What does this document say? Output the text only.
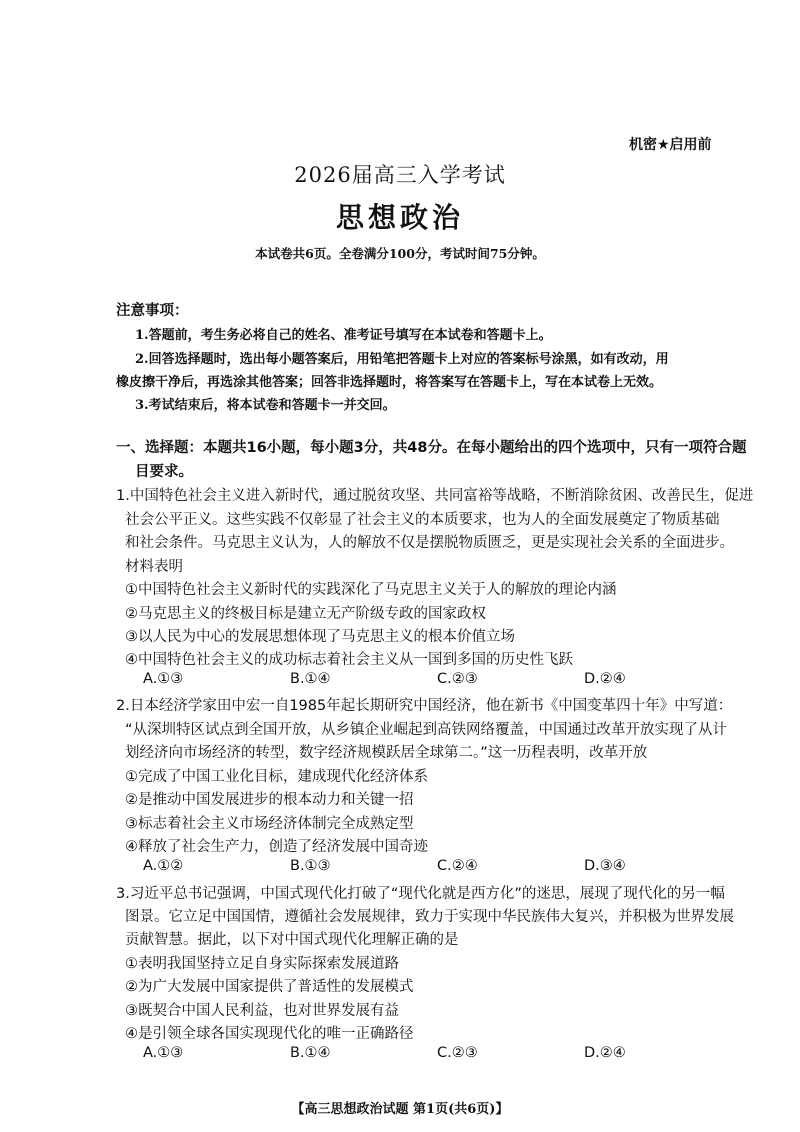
机密★启用前
2026届高三入学考试
思想政治
本试卷共6页。全卷满分100分，考试时间75分钟。
注意事项：
1.答题前，考生务必将自己的姓名、准考证号填写在本试卷和答题卡上。
2.回答选择题时，选出每小题答案后，用铅笔把答题卡上对应的答案标号涂黑，如有改动，用
橡皮擦干净后，再选涂其他答案；回答非选择题时，将答案写在答题卡上，写在本试卷上无效。
3.考试结束后，将本试卷和答题卡一并交回。
一、选择题：本题共16小题，每小题3分，共48分。在每小题给出的四个选项中，只有一项符合题
目要求。
1.中国特色社会主义进入新时代，通过脱贫攻坚、共同富裕等战略，不断消除贫困、改善民生，促进
社会公平正义。这些实践不仅彰显了社会主义的本质要求，也为人的全面发展奠定了物质基础
和社会条件。马克思主义认为，人的解放不仅是摆脱物质匮乏，更是实现社会关系的全面进步。
材料表明
①中国特色社会主义新时代的实践深化了马克思主义关于人的解放的理论内涵
②马克思主义的终极目标是建立无产阶级专政的国家政权
③以人民为中心的发展思想体现了马克思主义的根本价值立场
④中国特色社会主义的成功标志着社会主义从一国到多国的历史性飞跃
A.①③	B.①④	C.②③	D.②④
2.日本经济学家田中宏一自1985年起长期研究中国经济，他在新书《中国变革四十年》中写道：
“从深圳特区试点到全国开放，从乡镇企业崛起到高铁网络覆盖，中国通过改革开放实现了从计
划经济向市场经济的转型，数字经济规模跃居全球第二。”这一历程表明，改革开放
①完成了中国工业化目标，建成现代化经济体系
②是推动中国发展进步的根本动力和关键一招
③标志着社会主义市场经济体制完全成熟定型
④释放了社会生产力，创造了经济发展中国奇迹
A.①②	B.①③	C.②④	D.③④
3.习近平总书记强调，中国式现代化打破了“现代化就是西方化”的迷思，展现了现代化的另一幅
图景。它立足中国国情，遵循社会发展规律，致力于实现中华民族伟大复兴，并积极为世界发展
贡献智慧。据此，以下对中国式现代化理解正确的是
①表明我国坚持立足自身实际探索发展道路
②为广大发展中国家提供了普适性的发展模式
③既契合中国人民利益，也对世界发展有益
④是引领全球各国实现现代化的唯一正确路径
A.①③	B.①④	C.②③	D.②④
【高三思想政治试题 第1页(共6页)】
